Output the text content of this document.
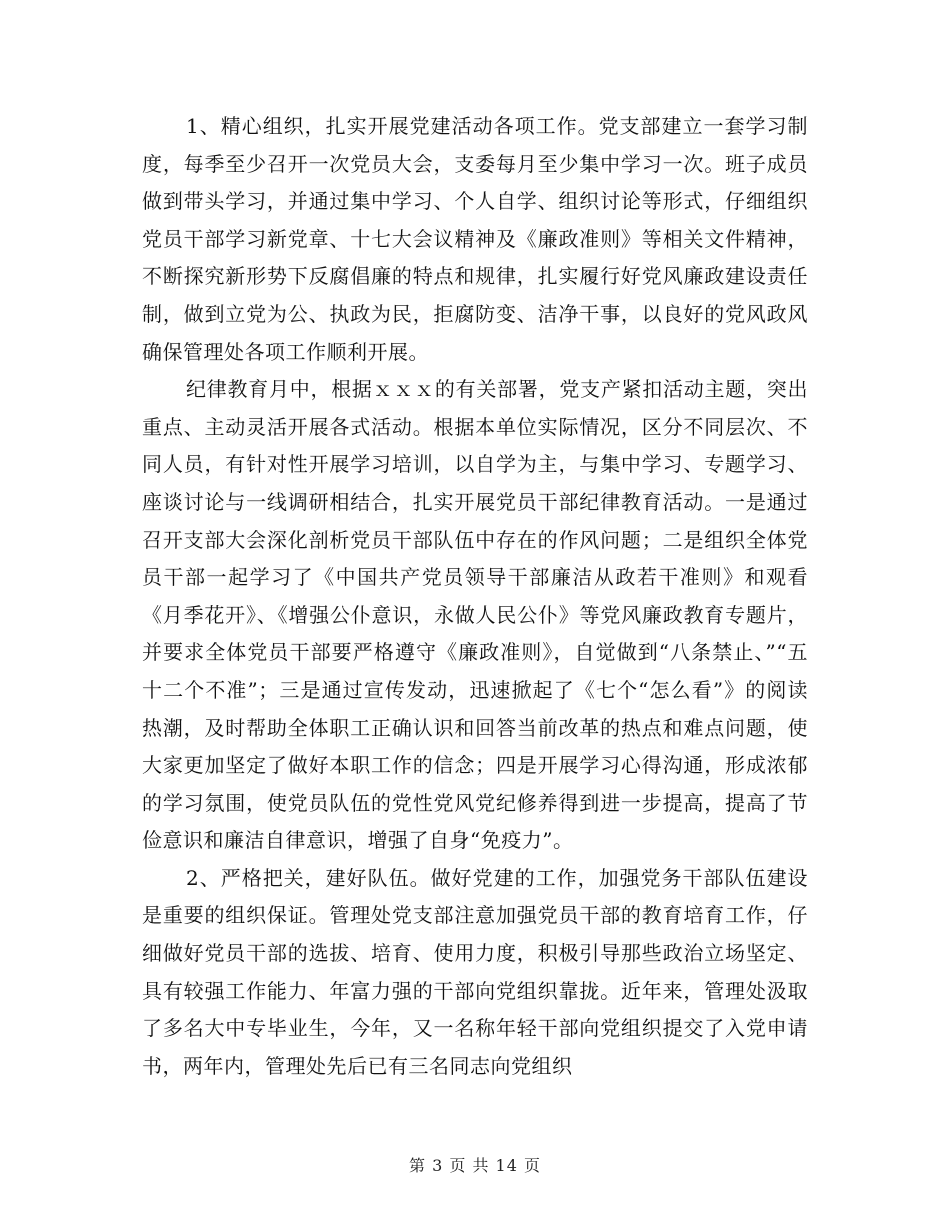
1、精心组织，扎实开展党建活动各项工作。党支部建立一套学习制度，每季至少召开一次党员大会，支委每月至少集中学习一次。班子成员做到带头学习，并通过集中学习、个人自学、组织讨论等形式，仔细组织党员干部学习新党章、十七大会议精神及《廉政准则》等相关文件精神，不断探究新形势下反腐倡廉的特点和规律，扎实履行好党风廉政建设责任制，做到立党为公、执政为民，拒腐防变、洁净干事，以良好的党风政风确保管理处各项工作顺利开展。

纪律教育月中，根据ｘｘｘ的有关部署，党支产紧扣活动主题，突出重点、主动灵活开展各式活动。根据本单位实际情况，区分不同层次、不同人员，有针对性开展学习培训，以自学为主，与集中学习、专题学习、座谈讨论与一线调研相结合，扎实开展党员干部纪律教育活动。一是通过召开支部大会深化剖析党员干部队伍中存在的作风问题；二是组织全体党员干部一起学习了《中国共产党员领导干部廉洁从政若干准则》和观看《月季花开》、《增强公仆意识，永做人民公仆》等党风廉政教育专题片，并要求全体党员干部要严格遵守《廉政准则》，自觉做到“八条禁止、”“五十二个不准”；三是通过宣传发动，迅速掀起了《七个“怎么看”》的阅读热潮，及时帮助全体职工正确认识和回答当前改革的热点和难点问题，使大家更加坚定了做好本职工作的信念；四是开展学习心得沟通，形成浓郁的学习氛围，使党员队伍的党性党风党纪修养得到进一步提高，提高了节俭意识和廉洁自律意识，增强了自身“免疫力”。

2、严格把关，建好队伍。做好党建的工作，加强党务干部队伍建设是重要的组织保证。管理处党支部注意加强党员干部的教育培育工作，仔细做好党员干部的选拔、培育、使用力度，积极引导那些政治立场坚定、具有较强工作能力、年富力强的干部向党组织靠拢。近年来，管理处汲取了多名大中专毕业生，今年，又一名称年轻干部向党组织提交了入党申请书，两年内，管理处先后已有三名同志向党组织

第 3 页 共 14 页
